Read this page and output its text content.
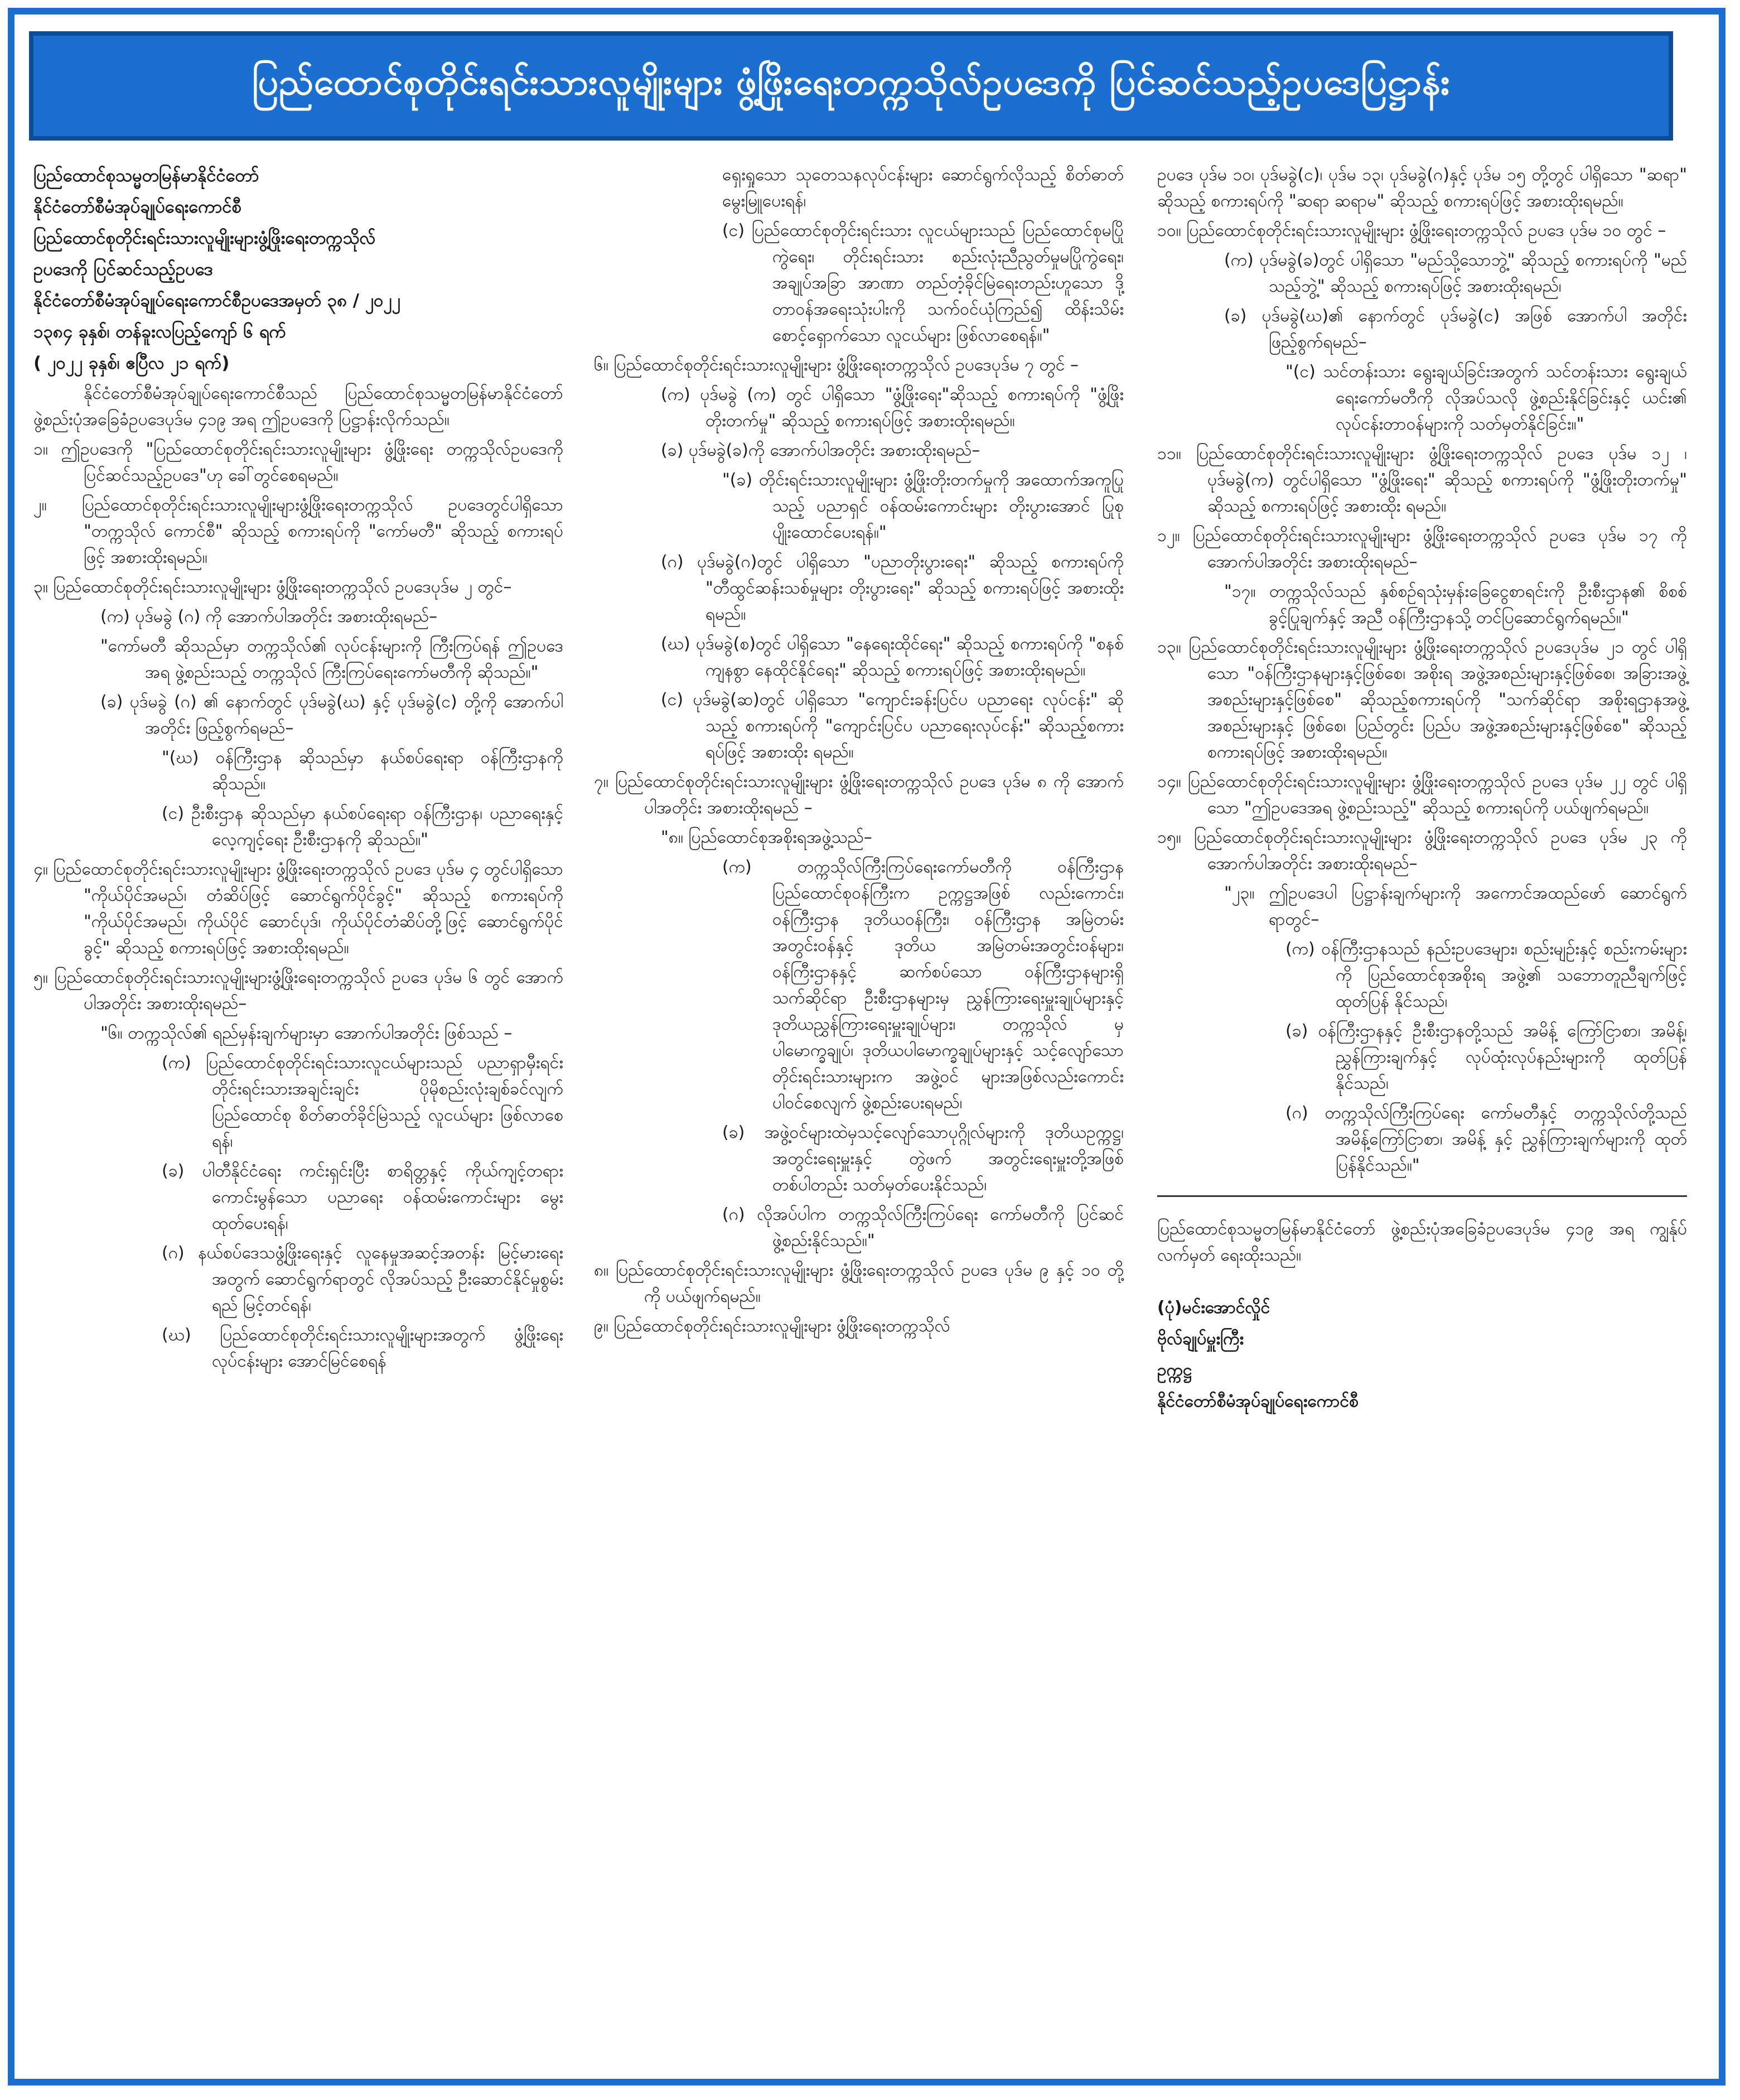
ပြည်ထောင်စုတိုင်းရင်းသားလူမျိုးများ ဖွံ့ဖြိုးရေးတက္ကသိုလ်ဥပဒေကို ပြင်ဆင်သည့်ဥပဒေပြဋ္ဌာန်း

ပြည်ထောင်စုသမ္မတမြန်မာနိုင်ငံတော်

နိုင်ငံတော်စီမံအုပ်ချုပ်ရေးကောင်စီ

ပြည်ထောင်စုတိုင်းရင်းသားလူမျိုးများဖွံ့ဖြိုးရေးတက္ကသိုလ်

ဥပဒေကို ပြင်ဆင်သည့်ဥပဒေ

နိုင်ငံတော်စီမံအုပ်ချုပ်ရေးကောင်စီဥပဒေအမှတ် ၃၈ / ၂၀၂၂

၁၃၈၄ ခုနှစ်၊ တန်ခူးလပြည့်ကျော် ၆ ရက်

( ၂၀၂၂ ခုနှစ်၊ ဧပြီလ ၂၁ ရက်)

နိုင်ငံတော်စီမံအုပ်ချုပ်ရေးကောင်စီသည် ပြည်ထောင်စုသမ္မတမြန်မာနိုင်ငံတော် ဖွဲ့စည်းပုံအခြေခံဥပဒေပုဒ်မ ၄၁၉ အရ ဤဥပဒေကို ပြဋ္ဌာန်းလိုက်သည်။

၁။ ဤဥပဒေကို "ပြည်ထောင်စုတိုင်းရင်းသားလူမျိုးများ ဖွံ့ဖြိုးရေး တက္ကသိုလ်ဥပဒေကို ပြင်ဆင်သည့်ဥပဒေ"ဟု ခေါ်တွင်စေရမည်။

၂။ ပြည်ထောင်စုတိုင်းရင်းသားလူမျိုးများဖွံ့ဖြိုးရေးတက္ကသိုလ် ဥပဒေတွင်ပါရှိသော "တက္ကသိုလ် ကောင်စီ" ဆိုသည့် စကားရပ်ကို "ကော်မတီ" ဆိုသည့် စကားရပ်ဖြင့် အစားထိုးရမည်။

၃။ ပြည်ထောင်စုတိုင်းရင်းသားလူမျိုးများ ဖွံ့ဖြိုးရေးတက္ကသိုလ် ဥပဒေပုဒ်မ ၂ တွင်–

(က) ပုဒ်မခွဲ (ဂ) ကို အောက်ပါအတိုင်း အစားထိုးရမည်–

"ကော်မတီ ဆိုသည်မှာ တက္ကသိုလ်၏ လုပ်ငန်းများကို ကြီးကြပ်ရန် ဤဥပဒေအရ ဖွဲ့စည်းသည့် တက္ကသိုလ် ကြီးကြပ်ရေးကော်မတီကို ဆိုသည်။"

(ခ) ပုဒ်မခွဲ (ဂ) ၏ နောက်တွင် ပုဒ်မခွဲ(ဃ) နှင့် ပုဒ်မခွဲ(င) တို့ကို အောက်ပါအတိုင်း ဖြည့်စွက်ရမည်–

"(ဃ) ဝန်ကြီးဌာန ဆိုသည်မှာ နယ်စပ်ရေးရာ ဝန်ကြီးဌာနကို ဆိုသည်။

(င) ဦးစီးဌာန ဆိုသည်မှာ နယ်စပ်ရေးရာ ဝန်ကြီးဌာန၊ ပညာရေးနှင့် လေ့ကျင့်ရေး ဦးစီးဌာနကို ဆိုသည်။"

၄။ ပြည်ထောင်စုတိုင်းရင်းသားလူမျိုးများ ဖွံ့ဖြိုးရေးတက္ကသိုလ် ဥပဒေ ပုဒ်မ ၄ တွင်ပါရှိသော "ကိုယ်ပိုင်အမည်၊ တံဆိပ်ဖြင့် ဆောင်ရွက်ပိုင်ခွင့်" ဆိုသည့် စကားရပ်ကို "ကိုယ်ပိုင်အမည်၊ ကိုယ်ပိုင် ဆောင်ပုဒ်၊ ကိုယ်ပိုင်တံဆိပ်တို့ဖြင့် ဆောင်ရွက်ပိုင်ခွင့်" ဆိုသည့် စကားရပ်ဖြင့် အစားထိုးရမည်။

၅။ ပြည်ထောင်စုတိုင်းရင်းသားလူမျိုးများဖွံ့ဖြိုးရေးတက္ကသိုလ် ဥပဒေ ပုဒ်မ ၆ တွင် အောက်ပါအတိုင်း အစားထိုးရမည်–

"၆။ တက္ကသိုလ်၏ ရည်မှန်းချက်များမှာ အောက်ပါအတိုင်း ဖြစ်သည် –

(က) ပြည်ထောင်စုတိုင်းရင်းသားလူငယ်များသည် ပညာရှာမှီးရင်း တိုင်းရင်းသားအချင်းချင်း ပိုမိုစည်းလုံးချစ်ခင်လျက် ပြည်ထောင်စု စိတ်ဓာတ်ခိုင်မြဲသည့် လူငယ်များ ဖြစ်လာစေရန်၊

(ခ) ပါတီနိုင်ငံရေး ကင်းရှင်းပြီး စာရိတ္တနှင့် ကိုယ်ကျင့်တရား ကောင်းမွန်သော ပညာရေး ဝန်ထမ်းကောင်းများ မွေးထုတ်ပေးရန်၊

(ဂ) နယ်စပ်ဒေသဖွံ့ဖြိုးရေးနှင့် လူနေမှုအဆင့်အတန်း မြင့်မားရေးအတွက် ဆောင်ရွက်ရာတွင် လိုအပ်သည့် ဦးဆောင်နိုင်မှုစွမ်းရည် မြင့်တင်ရန်၊

(ဃ) ပြည်ထောင်စုတိုင်းရင်းသားလူမျိုးများအတွက် ဖွံ့ဖြိုးရေးလုပ်ငန်းများ အောင်မြင်စေရန်

ရှေးရှုသော သုတေသနလုပ်ငန်းများ ဆောင်ရွက်လိုသည့် စိတ်ဓာတ် မွေးမြူပေးရန်၊

(င) ပြည်ထောင်စုတိုင်းရင်းသား လူငယ်များသည် ပြည်ထောင်စုမပြိုကွဲရေး၊ တိုင်းရင်းသား စည်းလုံးညီညွတ်မှုမပြိုကွဲရေး၊ အချုပ်အခြာ အာဏာ တည်တံ့ခိုင်မြဲရေးတည်းဟူသော ဒို့တာဝန်အရေးသုံးပါးကို သက်ဝင်ယုံကြည်၍ ထိန်းသိမ်းစောင့်ရှောက်သော လူငယ်များ ဖြစ်လာစေရန်။"

၆။ ပြည်ထောင်စုတိုင်းရင်းသားလူမျိုးများ ဖွံ့ဖြိုးရေးတက္ကသိုလ် ဥပဒေပုဒ်မ ၇ တွင် –

(က) ပုဒ်မခွဲ (က) တွင် ပါရှိသော "ဖွံ့ဖြိုးရေး"ဆိုသည့် စကားရပ်ကို "ဖွံ့ဖြိုးတိုးတက်မှု" ဆိုသည့် စကားရပ်ဖြင့် အစားထိုးရမည်။

(ခ) ပုဒ်မခွဲ(ခ)ကို အောက်ပါအတိုင်း အစားထိုးရမည်–

"(ခ) တိုင်းရင်းသားလူမျိုးများ ဖွံ့ဖြိုးတိုးတက်မှုကို အထောက်အကူပြုသည့် ပညာရှင် ဝန်ထမ်းကောင်းများ တိုးပွားအောင် ပြုစုပျိုးထောင်ပေးရန်။"

(ဂ) ပုဒ်မခွဲ(ဂ)တွင် ပါရှိသော "ပညာတိုးပွားရေး" ဆိုသည့် စကားရပ်ကို "တီထွင်ဆန်းသစ်မှုများ တိုးပွားရေး" ဆိုသည့် စကားရပ်ဖြင့် အစားထိုးရမည်။

(ဃ) ပုဒ်မခွဲ(စ)တွင် ပါရှိသော "နေရေးထိုင်ရေး" ဆိုသည့် စကားရပ်ကို "စနစ်ကျနစွာ နေထိုင်နိုင်ရေး" ဆိုသည့် စကားရပ်ဖြင့် အစားထိုးရမည်။

(င) ပုဒ်မခွဲ(ဆ)တွင် ပါရှိသော "ကျောင်းခန်းပြင်ပ ပညာရေး လုပ်ငန်း" ဆိုသည့် စကားရပ်ကို "ကျောင်းပြင်ပ ပညာရေးလုပ်ငန်း" ဆိုသည့်စကားရပ်ဖြင့် အစားထိုး ရမည်။

၇။ ပြည်ထောင်စုတိုင်းရင်းသားလူမျိုးများ ဖွံ့ဖြိုးရေးတက္ကသိုလ် ဥပဒေ ပုဒ်မ ၈ ကို အောက်ပါအတိုင်း အစားထိုးရမည် –

"၈။ ပြည်ထောင်စုအစိုးရအဖွဲ့သည်–

(က) တက္ကသိုလ်ကြီးကြပ်ရေးကော်မတီကို ဝန်ကြီးဌာန ပြည်ထောင်စုဝန်ကြီးက ဥက္ကဋ္ဌအဖြစ် လည်းကောင်း၊ ဝန်ကြီးဌာန ဒုတိယဝန်ကြီး၊ ဝန်ကြီးဌာန အမြဲတမ်းအတွင်းဝန်နှင့် ဒုတိယ အမြဲတမ်းအတွင်းဝန်များ၊ ဝန်ကြီးဌာနနှင့် ဆက်စပ်သော ဝန်ကြီးဌာနများရှိ သက်ဆိုင်ရာ ဦးစီးဌာနများမှ ညွှန်ကြားရေးမှူးချုပ်များနှင့် ဒုတိယညွှန်ကြားရေးမှူးချုပ်များ၊ တက္ကသိုလ် မှ ပါမောက္ခချုပ်၊ ဒုတိယပါမောက္ခချုပ်များနှင့် သင့်လျော်သော တိုင်းရင်းသားများက အဖွဲ့ဝင် များအဖြစ်လည်းကောင်း ပါဝင်စေလျက် ဖွဲ့စည်းပေးရမည်၊

(ခ) အဖွဲ့ဝင်များထဲမှသင့်လျော်သောပုဂ္ဂိုလ်များကို ဒုတိယဥက္ကဋ္ဌ၊ အတွင်းရေးမှူးနှင့် တွဲဖက် အတွင်းရေးမှူးတို့အဖြစ် တစ်ပါတည်း သတ်မှတ်ပေးနိုင်သည်၊

(ဂ) လိုအပ်ပါက တက္ကသိုလ်ကြီးကြပ်ရေး ကော်မတီကို ပြင်ဆင်ဖွဲ့စည်းနိုင်သည်။"

၈။ ပြည်ထောင်စုတိုင်းရင်းသားလူမျိုးများ ဖွံ့ဖြိုးရေးတက္ကသိုလ် ဥပဒေ ပုဒ်မ ၉ နှင့် ၁၀ တို့ကို ပယ်ဖျက်ရမည်။

၉။ ပြည်ထောင်စုတိုင်းရင်းသားလူမျိုးများ ဖွံ့ဖြိုးရေးတက္ကသိုလ်

ဥပဒေ ပုဒ်မ ၁၀၊ ပုဒ်မခွဲ(င)၊ ပုဒ်မ ၁၃၊ ပုဒ်မခွဲ(ဂ)နှင့် ပုဒ်မ ၁၅ တို့တွင် ပါရှိသော "ဆရာ" ဆိုသည့် စကားရပ်ကို "ဆရာ ဆရာမ" ဆိုသည့် စကားရပ်ဖြင့် အစားထိုးရမည်။

၁၀။ ပြည်ထောင်စုတိုင်းရင်းသားလူမျိုးများ ဖွံ့ဖြိုးရေးတက္ကသိုလ် ဥပဒေ ပုဒ်မ ၁၀ တွင် –

(က) ပုဒ်မခွဲ(ခ)တွင် ပါရှိသော "မည်သို့သောဘွဲ့" ဆိုသည့် စကားရပ်ကို "မည်သည့်ဘွဲ့" ဆိုသည့် စကားရပ်ဖြင့် အစားထိုးရမည်၊

(ခ) ပုဒ်မခွဲ(ဃ)၏ နောက်တွင် ပုဒ်မခွဲ(င) အဖြစ် အောက်ပါ အတိုင်း ဖြည့်စွက်ရမည်–

"(င) သင်တန်းသား ရွေးချယ်ခြင်းအတွက် သင်တန်းသား ရွေးချယ်ရေးကော်မတီကို လိုအပ်သလို ဖွဲ့စည်းနိုင်ခြင်းနှင့် ယင်း၏ လုပ်ငန်းတာဝန်များကို သတ်မှတ်နိုင်ခြင်း။"

၁၁။ ပြည်ထောင်စုတိုင်းရင်းသားလူမျိုးများ ဖွံ့ဖြိုးရေးတက္ကသိုလ် ဥပဒေ ပုဒ်မ ၁၂ ၊ ပုဒ်မခွဲ(က) တွင်ပါရှိသော "ဖွံ့ဖြိုးရေး" ဆိုသည့် စကားရပ်ကို "ဖွံ့ဖြိုးတိုးတက်မှု" ဆိုသည့် စကားရပ်ဖြင့် အစားထိုး ရမည်။

၁၂။ ပြည်ထောင်စုတိုင်းရင်းသားလူမျိုးများ ဖွံ့ဖြိုးရေးတက္ကသိုလ် ဥပဒေ ပုဒ်မ ၁၇ ကို အောက်ပါအတိုင်း အစားထိုးရမည်–

"၁၇။ တက္ကသိုလ်သည် နှစ်စဉ်ရသုံးမှန်းခြေငွေစာရင်းကို ဦးစီးဌာန၏ စိစစ်ခွင့်ပြုချက်နှင့် အညီ ဝန်ကြီးဌာနသို့ တင်ပြဆောင်ရွက်ရမည်။"

၁၃။ ပြည်ထောင်စုတိုင်းရင်းသားလူမျိုးများ ဖွံ့ဖြိုးရေးတက္ကသိုလ် ဥပဒေပုဒ်မ ၂၁ တွင် ပါရှိသော "ဝန်ကြီးဌာနများနှင့်ဖြစ်စေ၊ အစိုးရ အဖွဲ့အစည်းများနှင့်ဖြစ်စေ၊ အခြားအဖွဲ့အစည်းများနှင့်ဖြစ်စေ" ဆိုသည့်စကားရပ်ကို "သက်ဆိုင်ရာ အစိုးရဌာနအဖွဲ့အစည်းများနှင့် ဖြစ်စေ၊ ပြည်တွင်း ပြည်ပ အဖွဲ့အစည်းများနှင့်ဖြစ်စေ" ဆိုသည့် စကားရပ်ဖြင့် အစားထိုးရမည်။

၁၄။ ပြည်ထောင်စုတိုင်းရင်းသားလူမျိုးများ ဖွံ့ဖြိုးရေးတက္ကသိုလ် ဥပဒေ ပုဒ်မ ၂၂ တွင် ပါရှိသော "ဤဥပဒေအရ ဖွဲ့စည်းသည့်" ဆိုသည့် စကားရပ်ကို ပယ်ဖျက်ရမည်။

၁၅။ ပြည်ထောင်စုတိုင်းရင်းသားလူမျိုးများ ဖွံ့ဖြိုးရေးတက္ကသိုလ် ဥပဒေ ပုဒ်မ ၂၃ ကို အောက်ပါအတိုင်း အစားထိုးရမည်–

"၂၃။ ဤဥပဒေပါ ပြဋ္ဌာန်းချက်များကို အကောင်အထည်ဖော် ဆောင်ရွက်ရာတွင်–

(က) ဝန်ကြီးဌာနသည် နည်းဥပဒေများ၊ စည်းမျဉ်းနှင့် စည်းကမ်းများကို ပြည်ထောင်စုအစိုးရ အဖွဲ့၏ သဘောတူညီချက်ဖြင့် ထုတ်ပြန် နိုင်သည်၊

(ခ) ဝန်ကြီးဌာနနှင့် ဦးစီးဌာနတို့သည် အမိန့် ကြော်ငြာစာ၊ အမိန့်၊ ညွှန်ကြားချက်နှင့် လုပ်ထုံးလုပ်နည်းများကို ထုတ်ပြန်နိုင်သည်၊

(ဂ) တက္ကသိုလ်ကြီးကြပ်ရေး ကော်မတီနှင့် တက္ကသိုလ်တို့သည် အမိန့်ကြော်ငြာစာ၊ အမိန့် နှင့် ညွှန်ကြားချက်များကို ထုတ်ပြန်နိုင်သည်။"

ပြည်ထောင်စုသမ္မတမြန်မာနိုင်ငံတော် ဖွဲ့စည်းပုံအခြေခံဥပဒေပုဒ်မ ၄၁၉ အရ ကျွန်ုပ်လက်မှတ် ရေးထိုးသည်။

(ပုံ)မင်းအောင်လှိုင်

ဗိုလ်ချုပ်မှူးကြီး

ဥက္ကဋ္ဌ

နိုင်ငံတော်စီမံအုပ်ချုပ်ရေးကောင်စီ
